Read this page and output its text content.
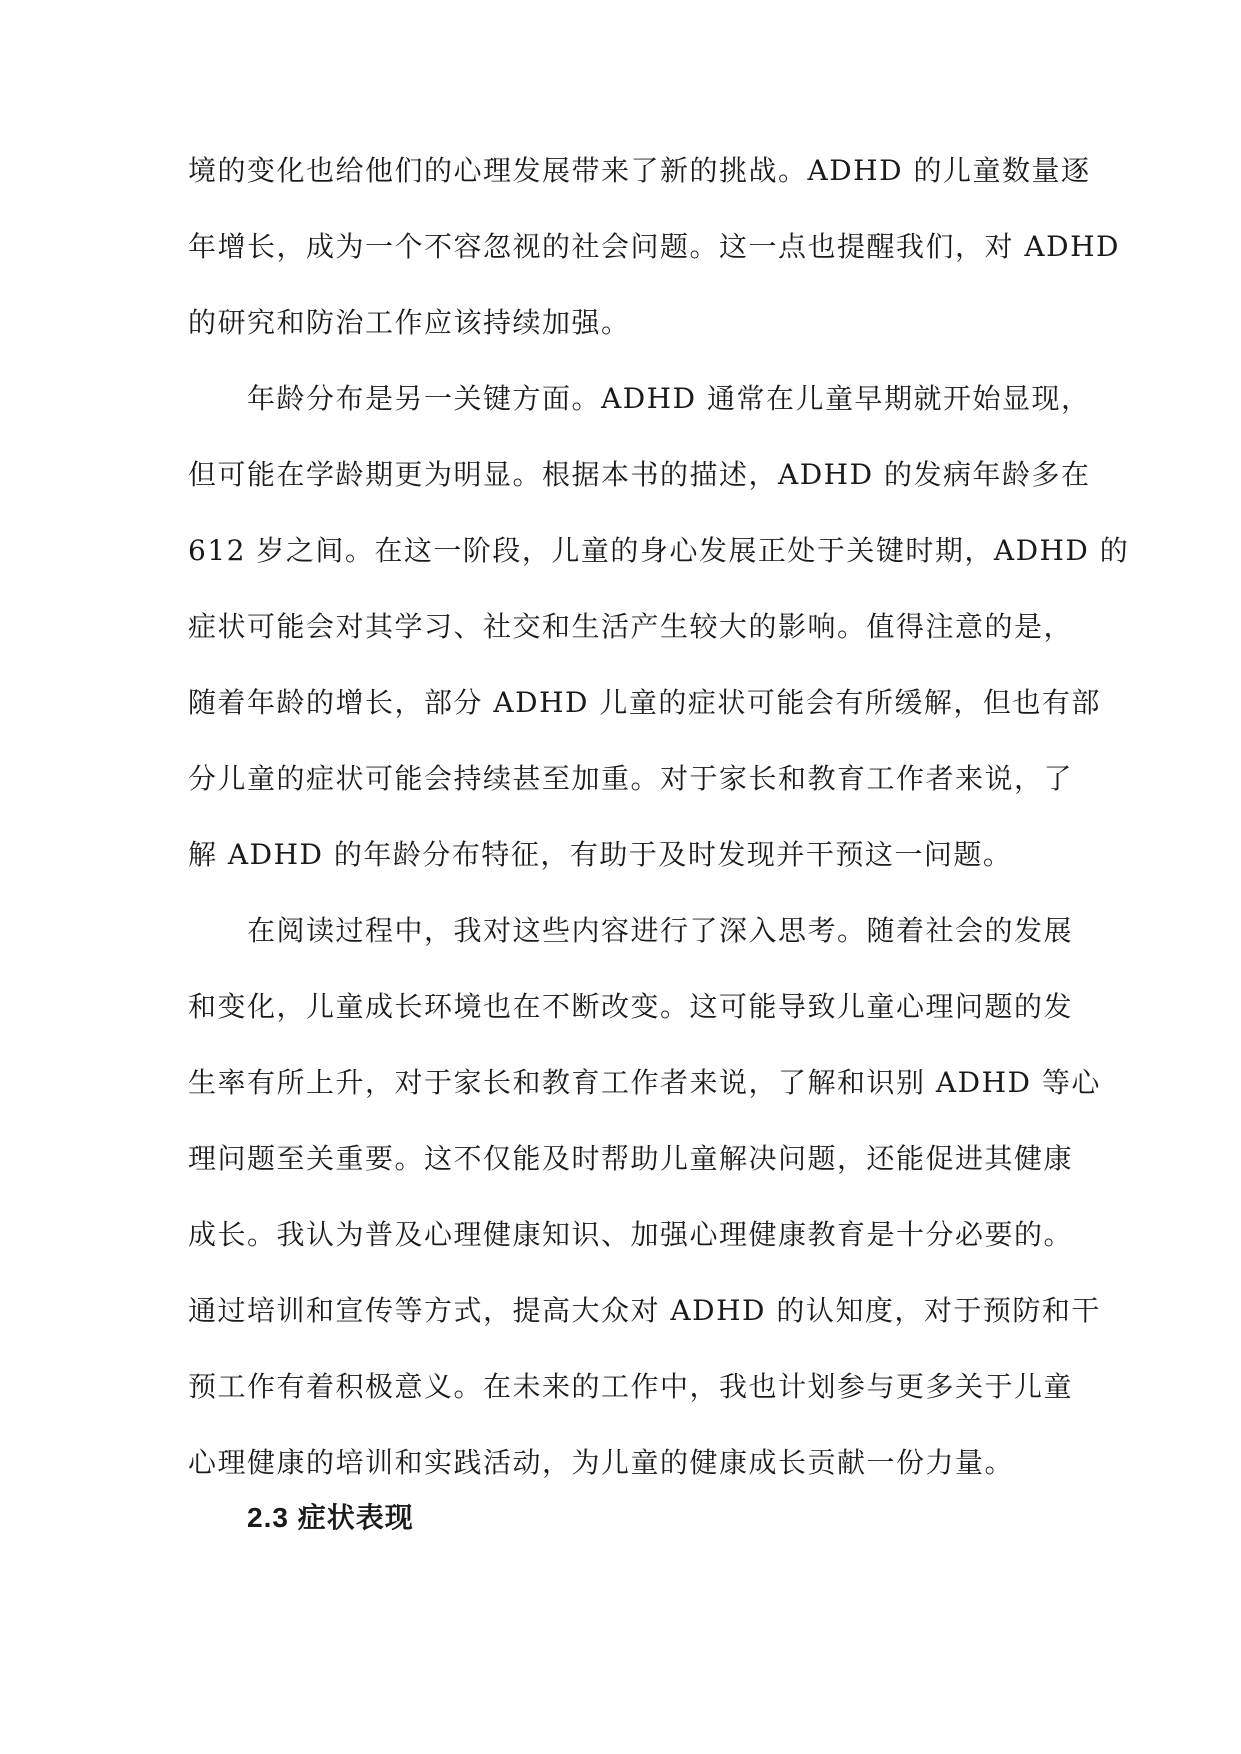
境的变化也给他们的心理发展带来了新的挑战。ADHD 的儿童数量逐
年增长，成为一个不容忽视的社会问题。这一点也提醒我们，对 ADHD
的研究和防治工作应该持续加强。
年龄分布是另一关键方面。ADHD 通常在儿童早期就开始显现，
但可能在学龄期更为明显。根据本书的描述，ADHD 的发病年龄多在
612 岁之间。在这一阶段，儿童的身心发展正处于关键时期，ADHD 的
症状可能会对其学习、社交和生活产生较大的影响。值得注意的是，
随着年龄的增长，部分 ADHD 儿童的症状可能会有所缓解，但也有部
分儿童的症状可能会持续甚至加重。对于家长和教育工作者来说，了
解 ADHD 的年龄分布特征，有助于及时发现并干预这一问题。
在阅读过程中，我对这些内容进行了深入思考。随着社会的发展
和变化，儿童成长环境也在不断改变。这可能导致儿童心理问题的发
生率有所上升，对于家长和教育工作者来说，了解和识别 ADHD 等心
理问题至关重要。这不仅能及时帮助儿童解决问题，还能促进其健康
成长。我认为普及心理健康知识、加强心理健康教育是十分必要的。
通过培训和宣传等方式，提高大众对 ADHD 的认知度，对于预防和干
预工作有着积极意义。在未来的工作中，我也计划参与更多关于儿童
心理健康的培训和实践活动，为儿童的健康成长贡献一份力量。
2.3 症状表现
